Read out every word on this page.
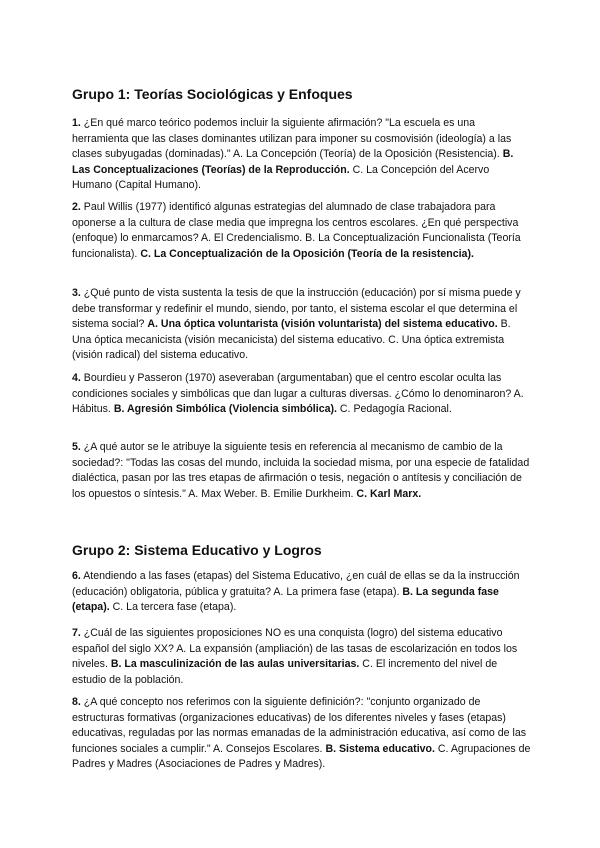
Grupo 1: Teorías Sociológicas y Enfoques

1. ¿En qué marco teórico podemos incluir la siguiente afirmación? "La escuela es una herramienta que las clases dominantes utilizan para imponer su cosmovisión (ideología) a las clases subyugadas (dominadas)." A. La Concepción (Teoría) de la Oposición (Resistencia). B. Las Conceptualizaciones (Teorías) de la Reproducción. C. La Concepción del Acervo Humano (Capital Humano).

2. Paul Willis (1977) identificó algunas estrategias del alumnado de clase trabajadora para oponerse a la cultura de clase media que impregna los centros escolares. ¿En qué perspectiva (enfoque) lo enmarcamos? A. El Credencialismo. B. La Conceptualización Funcionalista (Teoría funcionalista). C. La Conceptualización de la Oposición (Teoría de la resistencia).

3. ¿Qué punto de vista sustenta la tesis de que la instrucción (educación) por sí misma puede y debe transformar y redefinir el mundo, siendo, por tanto, el sistema escolar el que determina el sistema social? A. Una óptica voluntarista (visión voluntarista) del sistema educativo. B. Una óptica mecanicista (visión mecanicista) del sistema educativo. C. Una óptica extremista (visión radical) del sistema educativo.

4. Bourdieu y Passeron (1970) aseveraban (argumentaban) que el centro escolar oculta las condiciones sociales y simbólicas que dan lugar a culturas diversas. ¿Cómo lo denominaron? A. Hábitus. B. Agresión Simbólica (Violencia simbólica). C. Pedagogía Racional.

5. ¿A qué autor se le atribuye la siguiente tesis en referencia al mecanismo de cambio de la sociedad?: "Todas las cosas del mundo, incluida la sociedad misma, por una especie de fatalidad dialéctica, pasan por las tres etapas de afirmación o tesis, negación o antítesis y conciliación de los opuestos o síntesis." A. Max Weber. B. Emilie Durkheim. C. Karl Marx.

Grupo 2: Sistema Educativo y Logros

6. Atendiendo a las fases (etapas) del Sistema Educativo, ¿en cuál de ellas se da la instrucción (educación) obligatoria, pública y gratuita? A. La primera fase (etapa). B. La segunda fase (etapa). C. La tercera fase (etapa).

7. ¿Cuál de las siguientes proposiciones NO es una conquista (logro) del sistema educativo español del siglo XX? A. La expansión (ampliación) de las tasas de escolarización en todos los niveles. B. La masculinización de las aulas universitarias. C. El incremento del nivel de estudio de la población.

8. ¿A qué concepto nos referimos con la siguiente definición?: "conjunto organizado de estructuras formativas (organizaciones educativas) de los diferentes niveles y fases (etapas) educativas, reguladas por las normas emanadas de la administración educativa, así como de las funciones sociales a cumplir." A. Consejos Escolares. B. Sistema educativo. C. Agrupaciones de Padres y Madres (Asociaciones de Padres y Madres).
